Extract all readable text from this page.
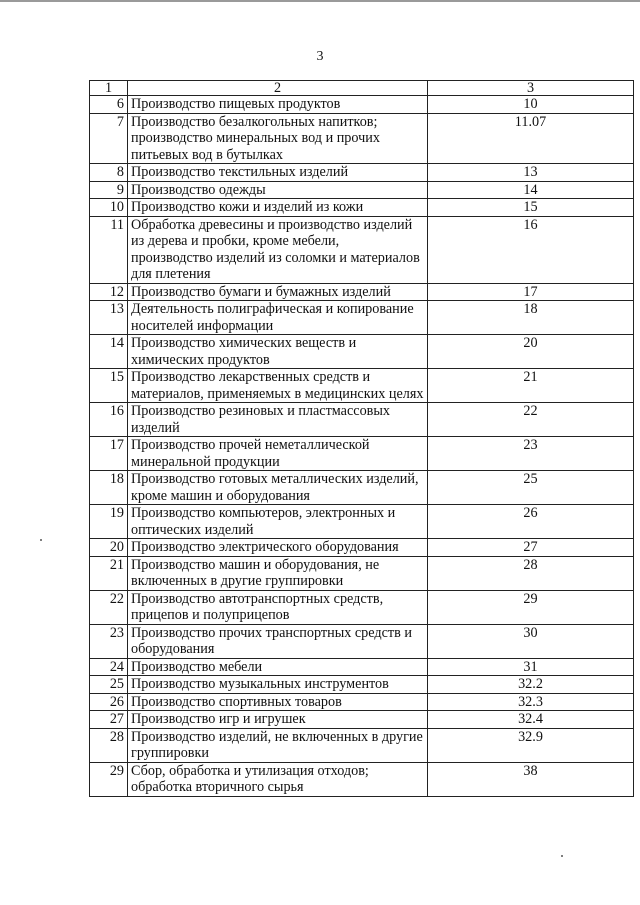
3
1	2	3
6	Производство пищевых продуктов	10
7	Производство безалкогольных напитков; производство минеральных вод и прочих питьевых вод в бутылках	11.07
8	Производство текстильных изделий	13
9	Производство одежды	14
10	Производство кожи и изделий из кожи	15
11	Обработка древесины и производство изделий из дерева и пробки, кроме мебели, производство изделий из соломки и материалов для плетения	16
12	Производство бумаги и бумажных изделий	17
13	Деятельность полиграфическая и копирование носителей информации	18
14	Производство химических веществ и химических продуктов	20
15	Производство лекарственных средств и материалов, применяемых в медицинских целях	21
16	Производство резиновых и пластмассовых изделий	22
17	Производство прочей неметаллической минеральной продукции	23
18	Производство готовых металлических изделий, кроме машин и оборудования	25
19	Производство компьютеров, электронных и оптических изделий	26
20	Производство электрического оборудования	27
21	Производство машин и оборудования, не включенных в другие группировки	28
22	Производство автотранспортных средств, прицепов и полуприцепов	29
23	Производство прочих транспортных средств и оборудования	30
24	Производство мебели	31
25	Производство музыкальных инструментов	32.2
26	Производство спортивных товаров	32.3
27	Производство игр и игрушек	32.4
28	Производство изделий, не включенных в другие группировки	32.9
29	Сбор, обработка и утилизация отходов; обработка вторичного сырья	38
